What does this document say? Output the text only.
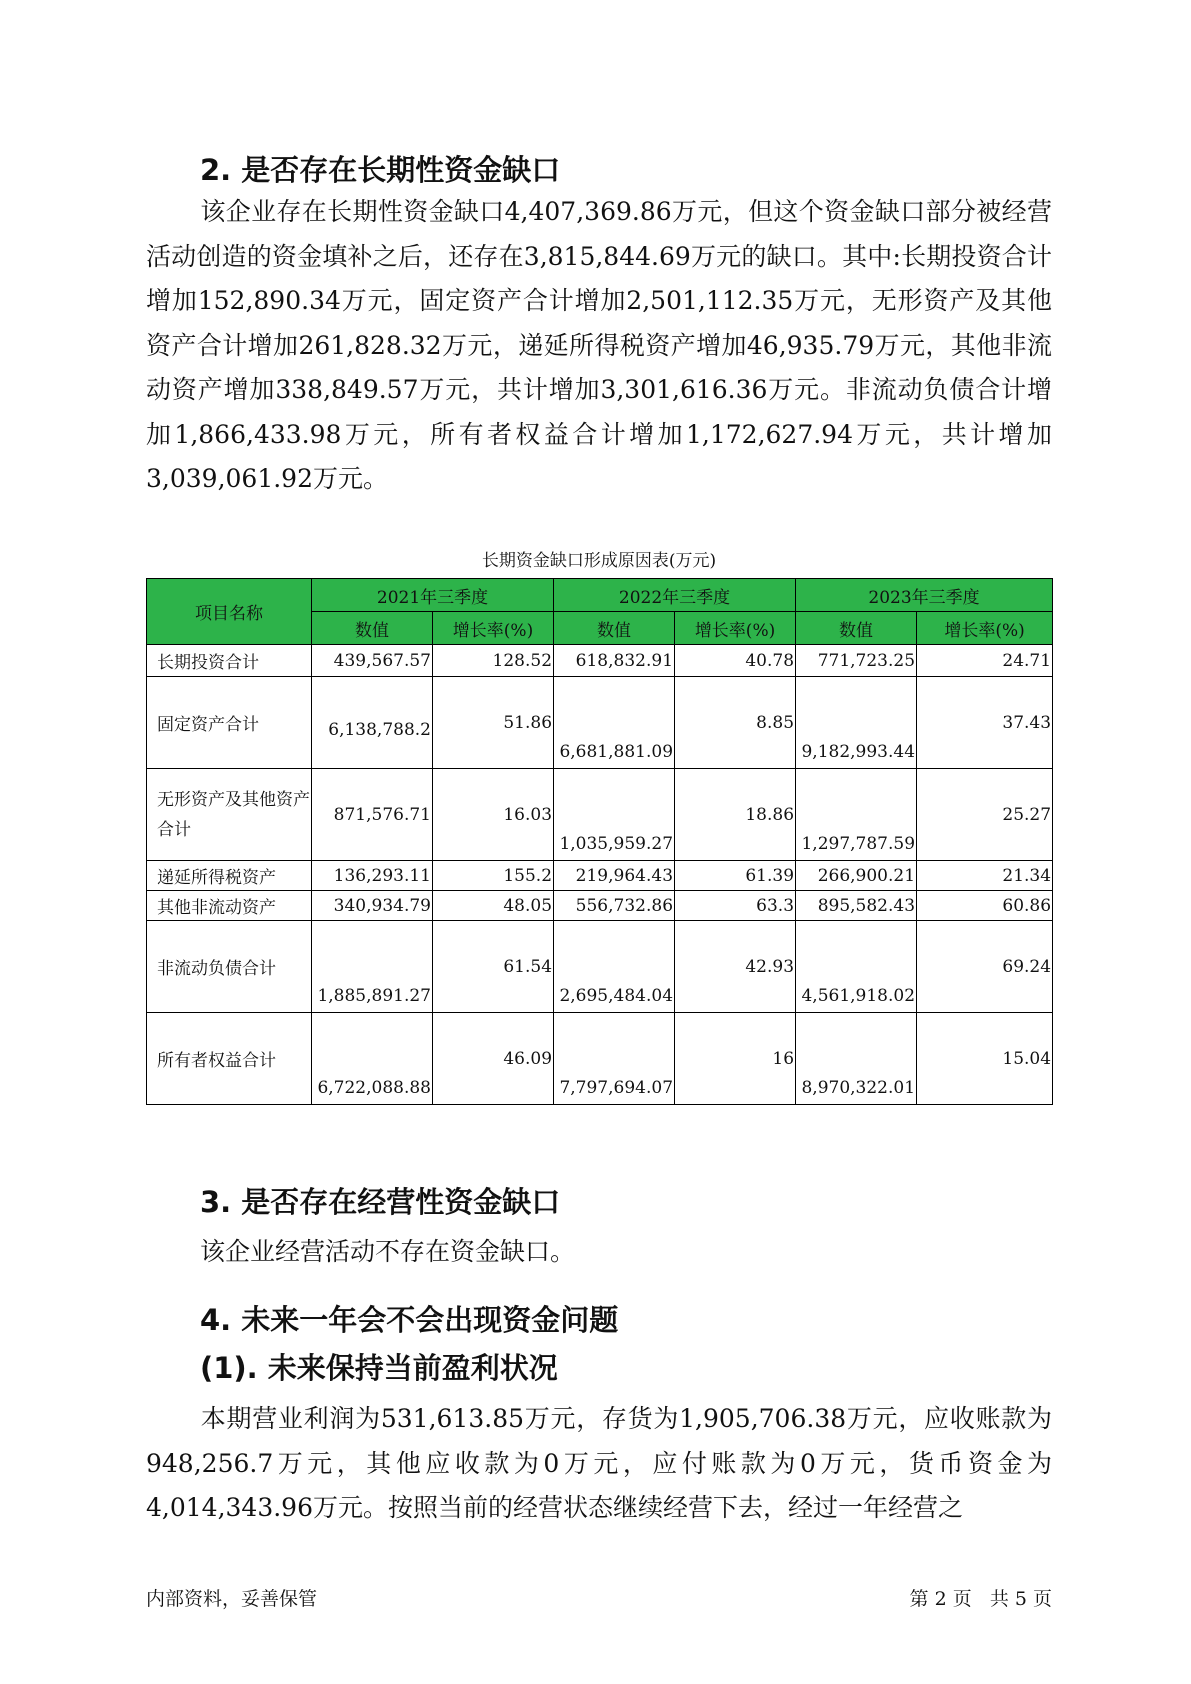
2. 是否存在长期性资金缺口
该企业存在长期性资金缺口4,407,369.86万元，但这个资金缺口部分被经营活动创造的资金填补之后，还存在3,815,844.69万元的缺口。其中:长期投资合计增加152,890.34万元，固定资产合计增加2,501,112.35万元，无形资产及其他资产合计增加261,828.32万元，递延所得税资产增加46,935.79万元，其他非流动资产增加338,849.57万元，共计增加3,301,616.36万元。非流动负债合计增加1,866,433.98万元，所有者权益合计增加1,172,627.94万元，共计增加3,039,061.92万元。
长期资金缺口形成原因表(万元)
项目名称	2021年三季度		2022年三季度		2023年三季度	
	数值	增长率(%)	数值	增长率(%)	数值	增长率(%)
长期投资合计	439,567.57	128.52	618,832.91	40.78	771,723.25	24.71
固定资产合计	6,138,788.2	51.86	6,681,881.09	8.85	9,182,993.44	37.43
无形资产及其他资产合计	871,576.71	16.03	1,035,959.27	18.86	1,297,787.59	25.27
递延所得税资产	136,293.11	155.2	219,964.43	61.39	266,900.21	21.34
其他非流动资产	340,934.79	48.05	556,732.86	63.3	895,582.43	60.86
非流动负债合计	1,885,891.27	61.54	2,695,484.04	42.93	4,561,918.02	69.24
所有者权益合计	6,722,088.88	46.09	7,797,694.07	16	8,970,322.01	15.04
3. 是否存在经营性资金缺口
该企业经营活动不存在资金缺口。
4. 未来一年会不会出现资金问题
(1). 未来保持当前盈利状况
本期营业利润为531,613.85万元，存货为1,905,706.38万元，应收账款为948,256.7万元，其他应收款为0万元，应付账款为0万元，货币资金为4,014,343.96万元。按照当前的经营状态继续经营下去，经过一年经营之
内部资料，妥善保管	第 2 页   共 5 页
